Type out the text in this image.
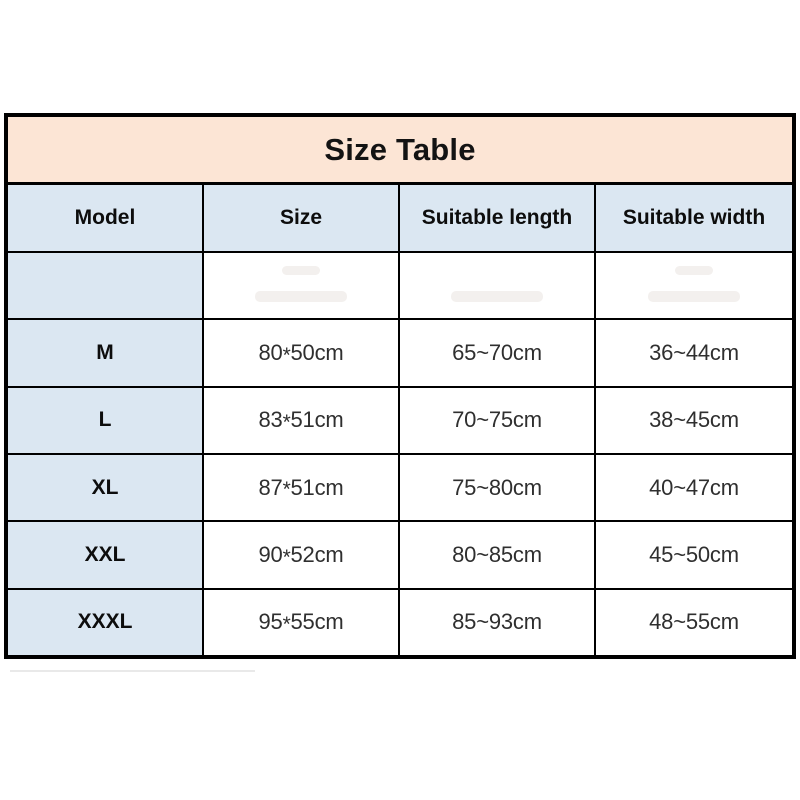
Size Table
Model	Size	Suitable length	Suitable width
M	80 * 50cm	65~70cm	36~44cm
L	83 * 51cm	70~75cm	38~45cm
XL	87 * 51cm	75~80cm	40~47cm
XXL	90 * 52cm	80~85cm	45~50cm
XXXL	95 * 55cm	85~93cm	48~55cm
